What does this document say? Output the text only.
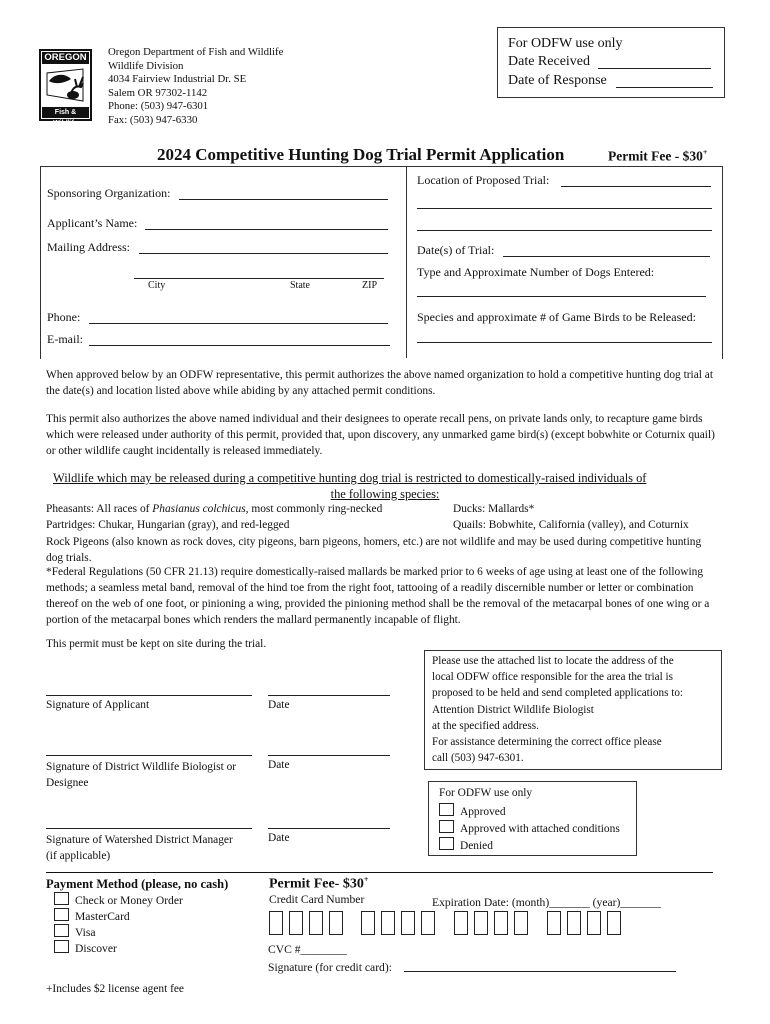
OREGON
Fish & Wildlife
Oregon Department of Fish and Wildlife
Wildlife Division
4034 Fairview Industrial Dr. SE
Salem OR 97302-1142
Phone: (503) 947-6301
Fax: (503) 947-6330
For ODFW use only
Date Received
Date of Response
2024 Competitive Hunting Dog Trial Permit Application	Permit Fee - $30+
Sponsoring Organization:
Applicant’s Name:
Mailing Address:
City	State	ZIP
Phone:
E-mail:
Location of Proposed Trial:
Date(s) of Trial:
Type and Approximate Number of Dogs Entered:
Species and approximate # of Game Birds to be Released:

When approved below by an ODFW representative, this permit authorizes the above named organization to hold a competitive hunting dog trial at the date(s) and location listed above while abiding by any attached permit conditions.

This permit also authorizes the above named individual and their designees to operate recall pens, on private lands only, to recapture game birds which were released under authority of this permit, provided that, upon discovery, any unmarked game bird(s) (except bobwhite or Coturnix quail) or other wildlife caught incidentally is released immediately.

Wildlife which may be released during a competitive hunting dog trial is restricted to domestically-raised individuals of
the following species:
Pheasants: All races of Phasianus colchicus, most commonly ring-necked	Ducks: Mallards*
Partridges: Chukar, Hungarian (gray), and red-legged	Quails: Bobwhite, California (valley), and Coturnix

Rock Pigeons (also known as rock doves, city pigeons, barn pigeons, homers, etc.) are not wildlife and may be used during competitive hunting dog trials.

*Federal Regulations (50 CFR 21.13) require domestically-raised mallards be marked prior to 6 weeks of age using at least one of the following methods; a seamless metal band, removal of the hind toe from the right foot, tattooing of a readily discernible number or letter or combination thereof on the web of one foot, or pinioning a wing, provided the pinioning method shall be the removal of the metacarpal bones of one wing or a portion of the metacarpal bones which renders the mallard permanently incapable of flight.

This permit must be kept on site during the trial.
Signature of Applicant	Date
Signature of District Wildlife Biologist or Designee
Date
Signature of Watershed District Manager (if applicable)
Date
Please use the attached list to locate the address of the
local ODFW office responsible for the area the trial is
proposed to be held and send completed applications to:
Attention District Wildlife Biologist
at the specified address.
For assistance determining the correct office please
call (503) 947-6301.
For ODFW use only
Approved
Approved with attached conditions
Denied
Payment Method (please, no cash)
Check or Money Order
MasterCard
Visa
Discover
Permit Fee- $30+
Credit Card Number	Expiration Date: (month)_______ (year)_______
CVC #________
Signature (for credit card):
+Includes $2 license agent fee
